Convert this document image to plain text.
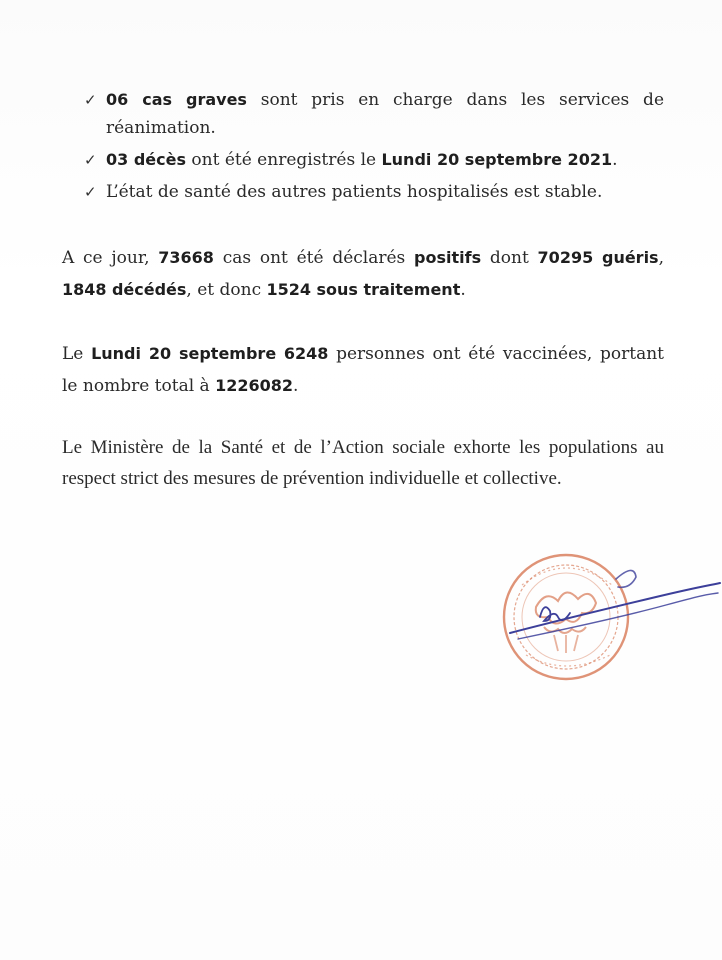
✓ 06 cas graves sont pris en charge dans les services de réanimation.
✓ 03 décès ont été enregistrés le Lundi 20 septembre 2021.
✓ L’état de santé des autres patients hospitalisés est stable.

A ce jour, 73668 cas ont été déclarés positifs dont 70295 guéris, 1848 décédés, et donc 1524 sous traitement.

Le Lundi 20 septembre 6248 personnes ont été vaccinées, portant le nombre total à 1226082.

Le Ministère de la Santé et de l’Action sociale exhorte les populations au respect strict des mesures de prévention individuelle et collective.
